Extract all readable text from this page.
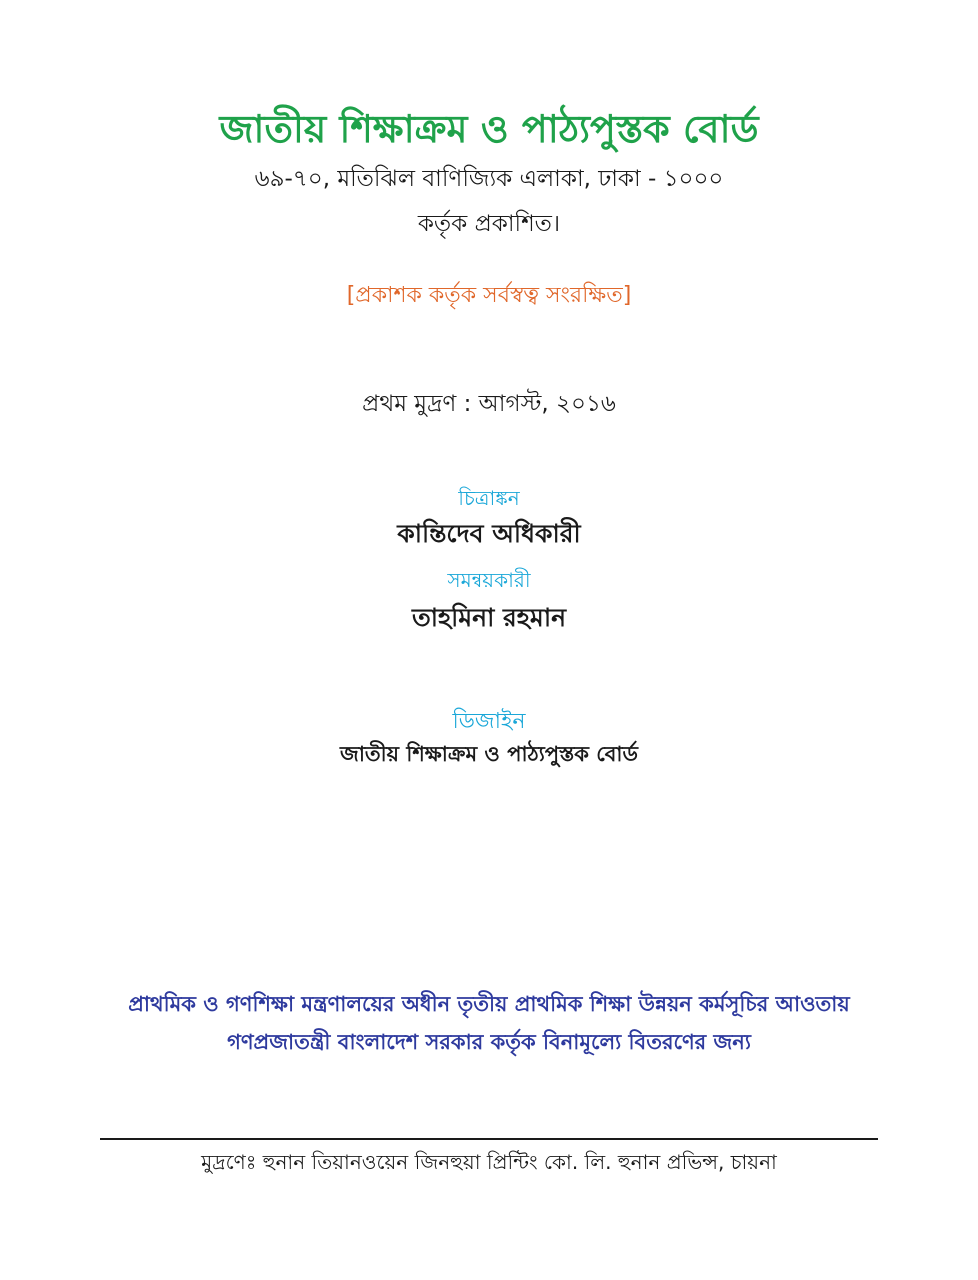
জাতীয় শিক্ষাক্রম ও পাঠ্যপুস্তক বোর্ড
৬৯-৭০, মতিঝিল বাণিজ্যিক এলাকা, ঢাকা - ১০০০
কর্তৃক প্রকাশিত।
[প্রকাশক কর্তৃক সর্বস্বত্ব সংরক্ষিত]
প্রথম মুদ্রণ : আগস্ট, ২০১৬
চিত্রাঙ্কন
কান্তিদেব অধিকারী
সমন্বয়কারী
তাহমিনা রহমান
ডিজাইন
জাতীয় শিক্ষাক্রম ও পাঠ্যপুস্তক বোর্ড
প্রাথমিক ও গণশিক্ষা মন্ত্রণালয়ের অধীন তৃতীয় প্রাথমিক শিক্ষা উন্নয়ন কর্মসূচির আওতায়
গণপ্রজাতন্ত্রী বাংলাদেশ সরকার কর্তৃক বিনামূল্যে বিতরণের জন্য
মুদ্রণেঃ হুনান তিয়ানওয়েন জিনহুয়া প্রিন্টিং কো. লি. হুনান প্রভিন্স, চায়না
